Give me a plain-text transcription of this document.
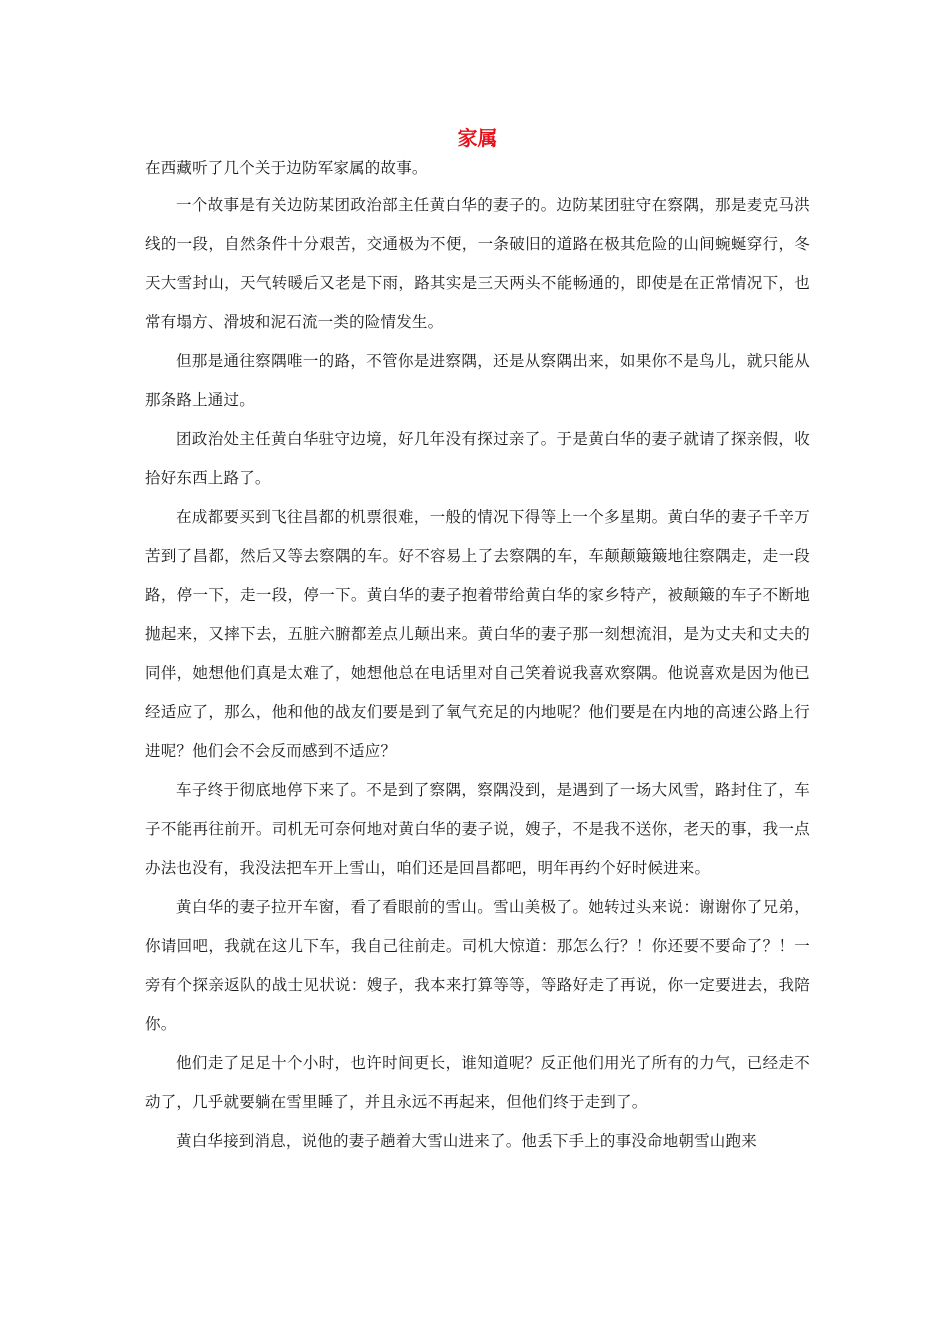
家属

在西藏听了几个关于边防军家属的故事。

一个故事是有关边防某团政治部主任黄白华的妻子的。边防某团驻守在察隅，那是麦克马洪线的一段，自然条件十分艰苦，交通极为不便，一条破旧的道路在极其危险的山间蜿蜒穿行，冬天大雪封山，天气转暖后又老是下雨，路其实是三天两头不能畅通的，即使是在正常情况下，也常有塌方、滑坡和泥石流一类的险情发生。

但那是通往察隅唯一的路，不管你是进察隅，还是从察隅出来，如果你不是鸟儿，就只能从那条路上通过。

团政治处主任黄白华驻守边境，好几年没有探过亲了。于是黄白华的妻子就请了探亲假，收拾好东西上路了。

在成都要买到飞往昌都的机票很难，一般的情况下得等上一个多星期。黄白华的妻子千辛万苦到了昌都，然后又等去察隅的车。好不容易上了去察隅的车，车颠颠簸簸地往察隅走，走一段路，停一下，走一段，停一下。黄白华的妻子抱着带给黄白华的家乡特产，被颠簸的车子不断地抛起来，又摔下去，五脏六腑都差点儿颠出来。黄白华的妻子那一刻想流泪，是为丈夫和丈夫的同伴，她想他们真是太难了，她想他总在电话里对自己笑着说我喜欢察隅。他说喜欢是因为他已经适应了，那么，他和他的战友们要是到了氧气充足的内地呢？他们要是在内地的高速公路上行进呢？他们会不会反而感到不适应？

车子终于彻底地停下来了。不是到了察隅，察隅没到，是遇到了一场大风雪，路封住了，车子不能再往前开。司机无可奈何地对黄白华的妻子说，嫂子，不是我不送你，老天的事，我一点办法也没有，我没法把车开上雪山，咱们还是回昌都吧，明年再约个好时候进来。

黄白华的妻子拉开车窗，看了看眼前的雪山。雪山美极了。她转过头来说：谢谢你了兄弟，你请回吧，我就在这儿下车，我自己往前走。司机大惊道：那怎么行？！你还要不要命了？！一旁有个探亲返队的战士见状说：嫂子，我本来打算等等，等路好走了再说，你一定要进去，我陪你。

他们走了足足十个小时，也许时间更长，谁知道呢？反正他们用光了所有的力气，已经走不动了，几乎就要躺在雪里睡了，并且永远不再起来，但他们终于走到了。

黄白华接到消息，说他的妻子趟着大雪山进来了。他丢下手上的事没命地朝雪山跑来
